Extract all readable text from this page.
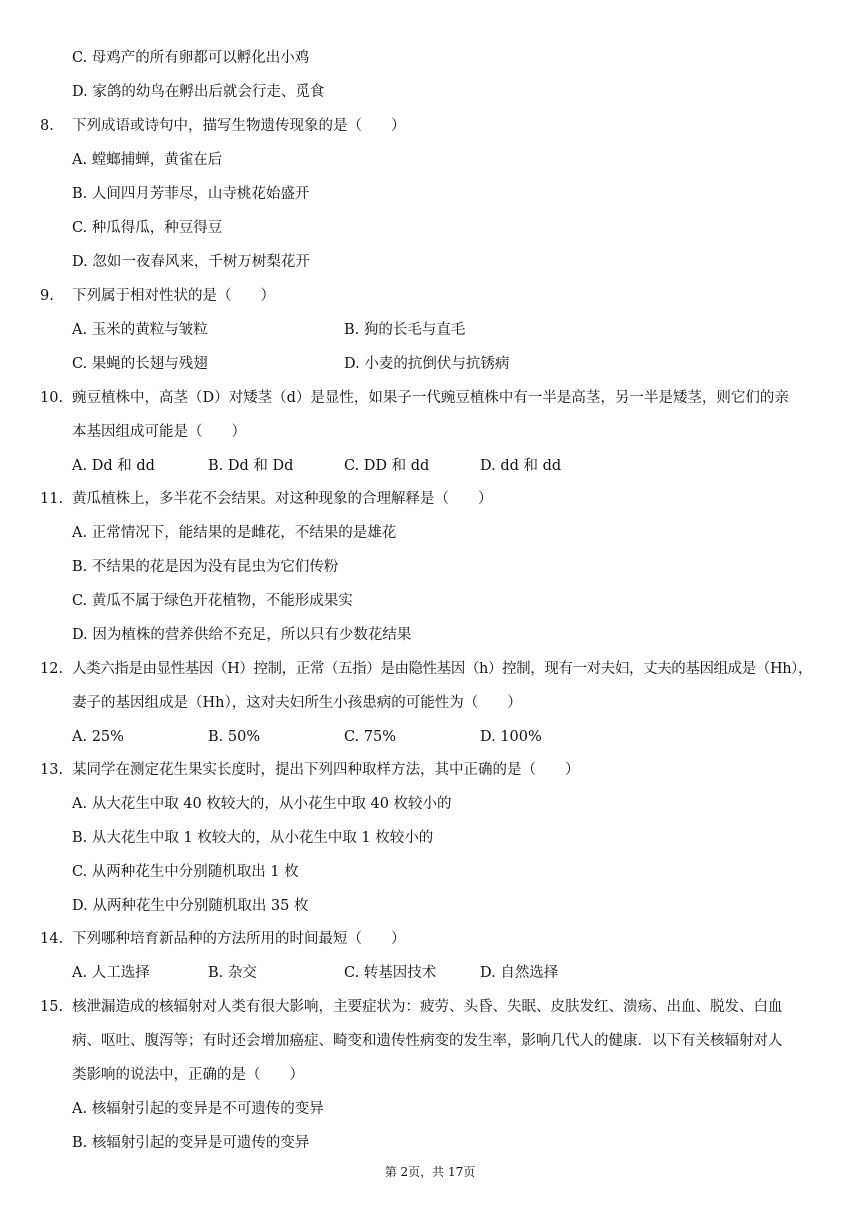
C. 母鸡产的所有卵都可以孵化出小鸡
D. 家鸽的幼鸟在孵出后就会行走、觅食
8. 下列成语或诗句中，描写生物遗传现象的是（　　）
A. 螳螂捕蝉，黄雀在后
B. 人间四月芳菲尽，山寺桃花始盛开
C. 种瓜得瓜，种豆得豆
D. 忽如一夜春风来，千树万树梨花开
9. 下列属于相对性状的是（　　）
A. 玉米的黄粒与皱粒	B. 狗的长毛与直毛
C. 果蝇的长翅与残翅	D. 小麦的抗倒伏与抗锈病
10. 豌豆植株中，高茎（D）对矮茎（d）是显性，如果子一代豌豆植株中有一半是高茎，另一半是矮茎，则它们的亲
本基因组成可能是（　　）
A. Dd 和 dd	B. Dd 和 Dd	C. DD 和 dd	D. dd 和 dd
11. 黄瓜植株上，多半花不会结果。对这种现象的合理解释是（　　）
A. 正常情况下，能结果的是雌花，不结果的是雄花
B. 不结果的花是因为没有昆虫为它们传粉
C. 黄瓜不属于绿色开花植物，不能形成果实
D. 因为植株的营养供给不充足，所以只有少数花结果
12. 人类六指是由显性基因（H）控制，正常（五指）是由隐性基因（h）控制，现有一对夫妇，丈夫的基因组成是（Hh），
妻子的基因组成是（Hh），这对夫妇所生小孩患病的可能性为（　　）
A. 25%	B. 50%	C. 75%	D. 100%
13. 某同学在测定花生果实长度时，提出下列四种取样方法，其中正确的是（　　）
A. 从大花生中取 40 枚较大的，从小花生中取 40 枚较小的
B. 从大花生中取 1 枚较大的，从小花生中取 1 枚较小的
C. 从两种花生中分别随机取出 1 枚
D. 从两种花生中分别随机取出 35 枚
14. 下列哪种培育新品种的方法所用的时间最短（　　）
A. 人工选择	B. 杂交	C. 转基因技术	D. 自然选择
15. 核泄漏造成的核辐射对人类有很大影响，主要症状为：疲劳、头昏、失眠、皮肤发红、溃疡、出血、脱发、白血
病、呕吐、腹泻等；有时还会增加癌症、畸变和遗传性病变的发生率，影响几代人的健康．以下有关核辐射对人
类影响的说法中，正确的是（　　）
A. 核辐射引起的变异是不可遗传的变异
B. 核辐射引起的变异是可遗传的变异
第 2页，共 17页
